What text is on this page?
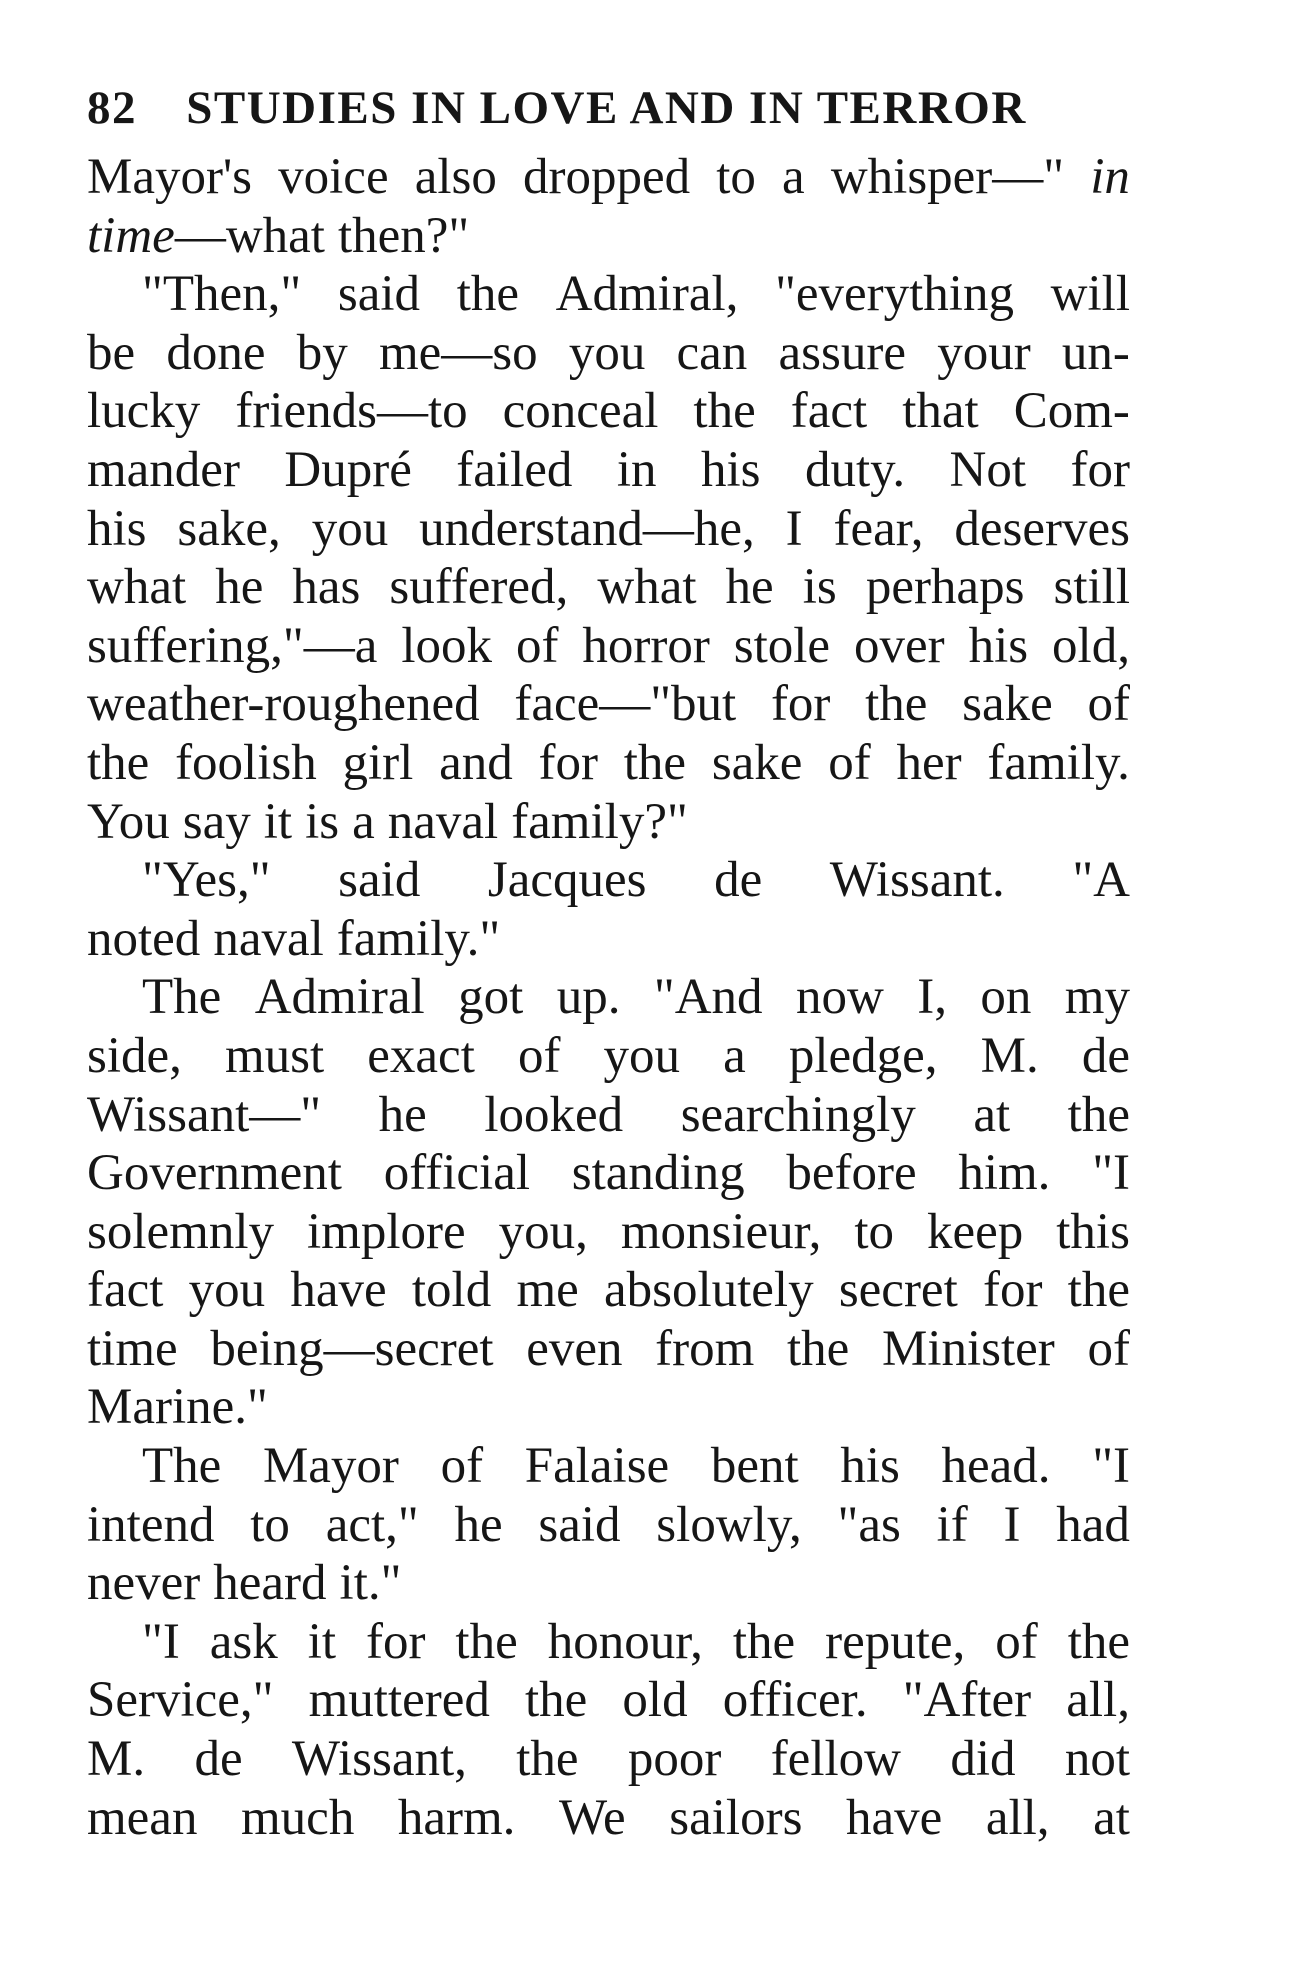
82 STUDIES IN LOVE AND IN TERROR
Mayor's voice also dropped to a whisper—" in
time—what then?"
"Then," said the Admiral, "everything will
be done by me—so you can assure your un-
lucky friends—to conceal the fact that Com-
mander Dupré failed in his duty. Not for
his sake, you understand—he, I fear, deserves
what he has suffered, what he is perhaps still
suffering,"—a look of horror stole over his old,
weather-roughened face—"but for the sake of
the foolish girl and for the sake of her family.
You say it is a naval family?"
"Yes," said Jacques de Wissant. "A
noted naval family."
The Admiral got up. "And now I, on my
side, must exact of you a pledge, M. de
Wissant—" he looked searchingly at the
Government official standing before him. "I
solemnly implore you, monsieur, to keep this
fact you have told me absolutely secret for the
time being—secret even from the Minister of
Marine."
The Mayor of Falaise bent his head. "I
intend to act," he said slowly, "as if I had
never heard it."
"I ask it for the honour, the repute, of the
Service," muttered the old officer. "After all,
M. de Wissant, the poor fellow did not
mean much harm. We sailors have all, at
